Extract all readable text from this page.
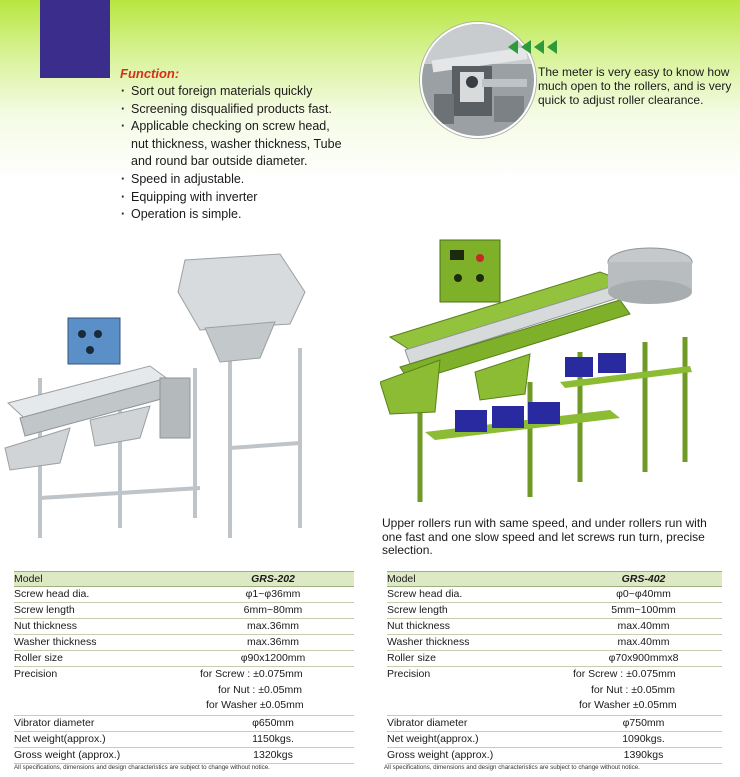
Function:
· Sort out foreign materials quickly
· Screening disqualified products fast.
· Applicable checking on screw head,
nut thickness, washer thickness, Tube
and round bar outside diameter.
· Speed in adjustable.
· Equipping with inverter
· Operation is simple.
The meter is very easy to know how much open to the rollers, and is very quick to adjust roller clearance.
Upper rollers run with same speed, and under rollers run with one fast and one slow speed and let screws run turn, precise selection.
Model	GRS-202
Screw head dia.	φ1~φ36mm
Screw length	6mm~80mm
Nut thickness	max.36mm
Washer thickness	max.36mm
Roller size	φ90x1200mm
Precision	for Screw : ±0.075mm
for Nut : ±0.05mm
for Washer ±0.05mm
Vibrator diameter	φ650mm
Net weight(approx.)	1150kgs.
Gross weight (approx.)	1320kgs
Model	GRS-402
Screw head dia.	φ0~φ40mm
Screw length	5mm~100mm
Nut thickness	max.40mm
Washer thickness	max.40mm
Roller size	φ70x900mmx8
Precision	for Screw : ±0.075mm
for Nut : ±0.05mm
for Washer ±0.05mm
Vibrator diameter	φ750mm
Net weight(approx.)	1090kgs.
Gross weight (approx.)	1390kgs
All specifications, dimensions and design characteristics are subject to change without notice.	All specifications, dimensions and design characteristics are subject to change without notice.
